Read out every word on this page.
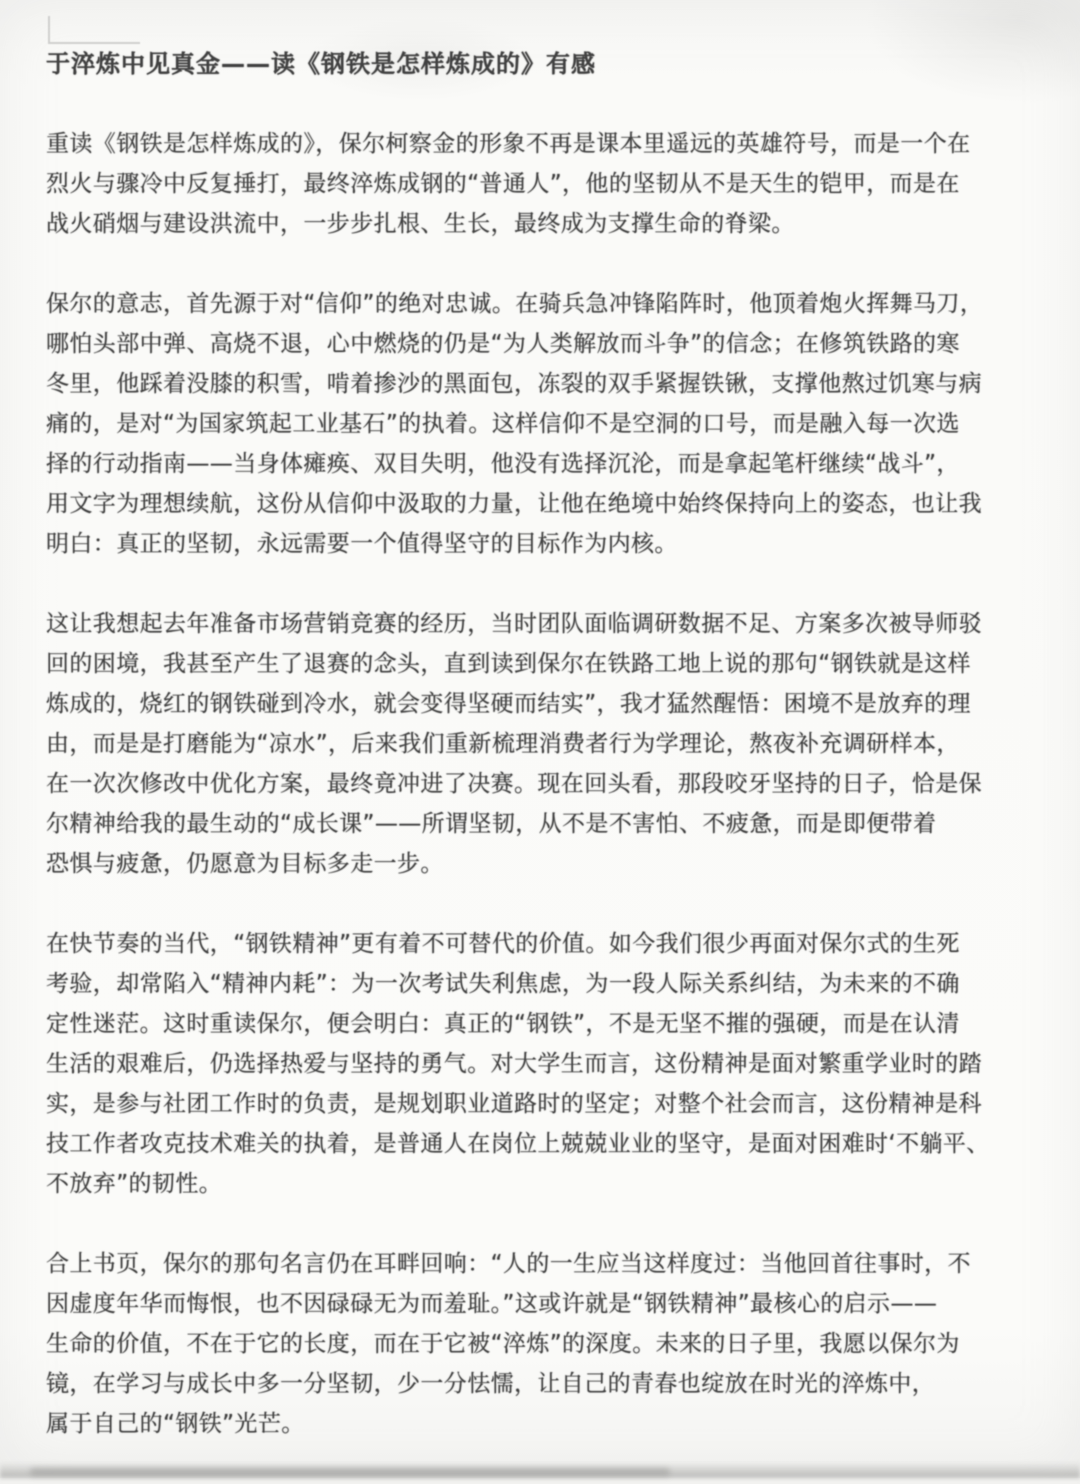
于淬炼中见真金——读《钢铁是怎样炼成的》有感
重读《钢铁是怎样炼成的》，保尔柯察金的形象不再是课本里遥远的英雄符号，而是一个在
烈火与骤冷中反复捶打，最终淬炼成钢的“普通人”，他的坚韧从不是天生的铠甲，而是在
战火硝烟与建设洪流中，一步步扎根、生长，最终成为支撑生命的脊梁。
保尔的意志，首先源于对“信仰”的绝对忠诚。在骑兵急冲锋陷阵时，他顶着炮火挥舞马刀，
哪怕头部中弹、高烧不退，心中燃烧的仍是“为人类解放而斗争”的信念；在修筑铁路的寒
冬里，他踩着没膝的积雪，啃着掺沙的黑面包，冻裂的双手紧握铁锹，支撑他熬过饥寒与病
痛的，是对“为国家筑起工业基石”的执着。这样信仰不是空洞的口号，而是融入每一次选
择的行动指南——当身体瘫痪、双目失明，他没有选择沉沦，而是拿起笔杆继续“战斗”，
用文字为理想续航，这份从信仰中汲取的力量，让他在绝境中始终保持向上的姿态，也让我
明白：真正的坚韧，永远需要一个值得坚守的目标作为内核。
这让我想起去年准备市场营销竞赛的经历，当时团队面临调研数据不足、方案多次被导师驳
回的困境，我甚至产生了退赛的念头，直到读到保尔在铁路工地上说的那句“钢铁就是这样
炼成的，烧红的钢铁碰到冷水，就会变得坚硬而结实”，我才猛然醒悟：困境不是放弃的理
由，而是是打磨能为“凉水”，后来我们重新梳理消费者行为学理论，熬夜补充调研样本，
在一次次修改中优化方案，最终竟冲进了决赛。现在回头看，那段咬牙坚持的日子，恰是保
尔精神给我的最生动的“成长课”——所谓坚韧，从不是不害怕、不疲惫，而是即便带着
恐惧与疲惫，仍愿意为目标多走一步。
在快节奏的当代，“钢铁精神”更有着不可替代的价值。如今我们很少再面对保尔式的生死
考验，却常陷入“精神内耗”：为一次考试失利焦虑，为一段人际关系纠结，为未来的不确
定性迷茫。这时重读保尔，便会明白：真正的“钢铁”，不是无坚不摧的强硬，而是在认清
生活的艰难后，仍选择热爱与坚持的勇气。对大学生而言，这份精神是面对繁重学业时的踏
实，是参与社团工作时的负责，是规划职业道路时的坚定；对整个社会而言，这份精神是科
技工作者攻克技术难关的执着，是普通人在岗位上兢兢业业的坚守，是面对困难时‘不躺平、
不放弃”的韧性。
合上书页，保尔的那句名言仍在耳畔回响：“人的一生应当这样度过：当他回首往事时，不
因虚度年华而悔恨，也不因碌碌无为而羞耻。”这或许就是“钢铁精神”最核心的启示——
生命的价值，不在于它的长度，而在于它被“淬炼”的深度。未来的日子里，我愿以保尔为
镜，在学习与成长中多一分坚韧，少一分怯懦，让自己的青春也绽放在时光的淬炼中，
属于自己的“钢铁”光芒。
